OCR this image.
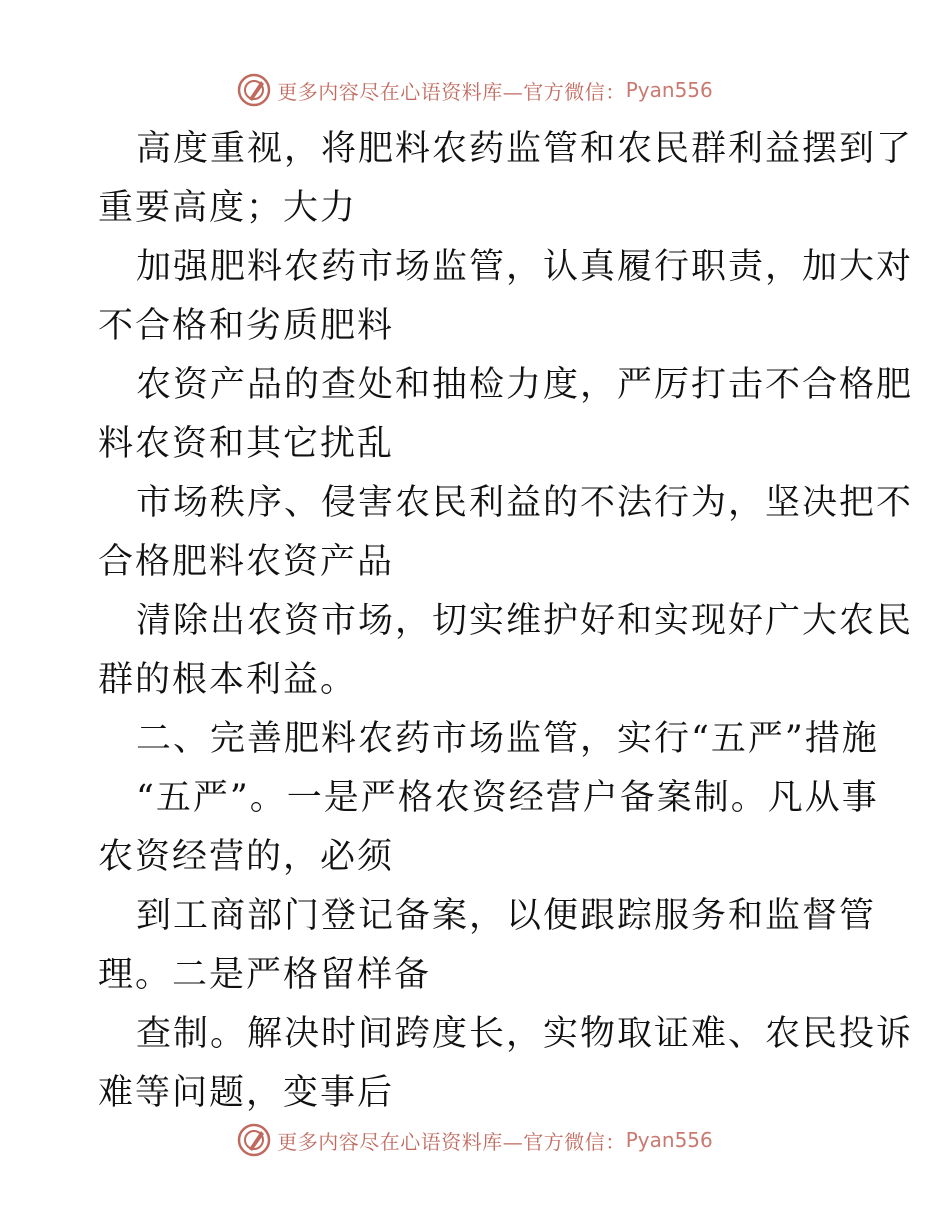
更多内容尽在心语资料库—官方微信： Pyan556
高度重视，将肥料农药监管和农民群利益摆到了
重要高度；大力
加强肥料农药市场监管，认真履行职责，加大对
不合格和劣质肥料
农资产品的查处和抽检力度，严厉打击不合格肥
料农资和其它扰乱
市场秩序、侵害农民利益的不法行为，坚决把不
合格肥料农资产品
清除出农资市场，切实维护好和实现好广大农民
群的根本利益。
二、完善肥料农药市场监管，实行“五严”措施
“五严”。一是严格农资经营户备案制。凡从事
农资经营的，必须
到工商部门登记备案，以便跟踪服务和监督管
理。二是严格留样备
查制。解决时间跨度长，实物取证难、农民投诉
难等问题，变事后
更多内容尽在心语资料库—官方微信： Pyan556
